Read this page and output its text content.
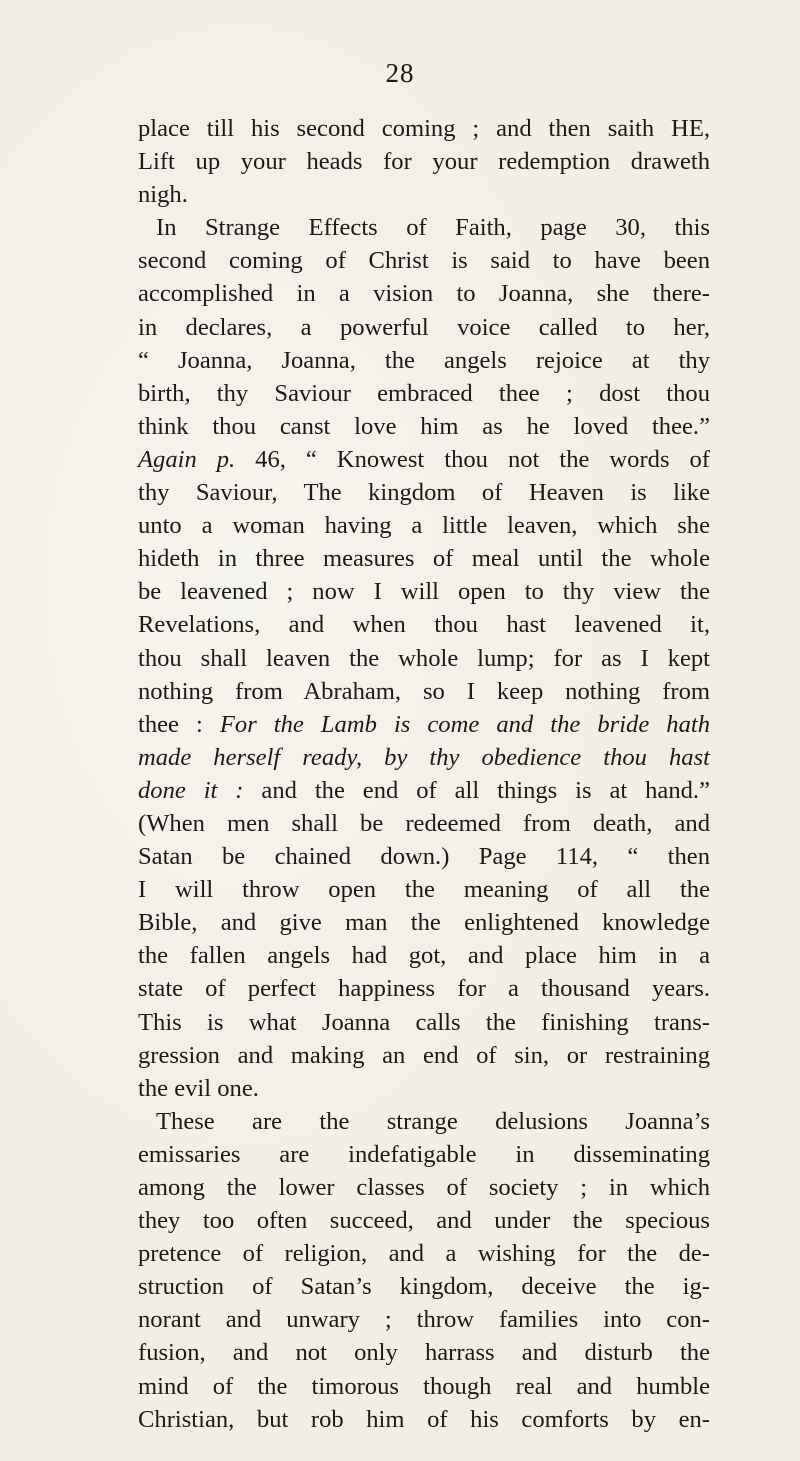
28
place till his second coming ; and then saith HE,
Lift up your heads for your redemption draweth
nigh.
In Strange Effects of Faith, page 30, this
second coming of Christ is said to have been
accomplished in a vision to Joanna, she there-
in declares, a powerful voice called to her,
“ Joanna, Joanna, the angels rejoice at thy
birth, thy Saviour embraced thee ; dost thou
think thou canst love him as he loved thee.”
Again p. 46, “ Knowest thou not the words of
thy Saviour, The kingdom of Heaven is like
unto a woman having a little leaven, which she
hideth in three measures of meal until the whole
be leavened ; now I will open to thy view the
Revelations, and when thou hast leavened it,
thou shall leaven the whole lump; for as I kept
nothing from Abraham, so I keep nothing from
thee : For the Lamb is come and the bride hath
made herself ready, by thy obedience thou hast
done it : and the end of all things is at hand.”
(When men shall be redeemed from death, and
Satan be chained down.) Page 114, “ then
I will throw open the meaning of all the
Bible, and give man the enlightened knowledge
the fallen angels had got, and place him in a
state of perfect happiness for a thousand years.
This is what Joanna calls the finishing trans-
gression and making an end of sin, or restraining
the evil one.
These are the strange delusions Joanna’s
emissaries are indefatigable in disseminating
among the lower classes of society ; in which
they too often succeed, and under the specious
pretence of religion, and a wishing for the de-
struction of Satan’s kingdom, deceive the ig-
norant and unwary ; throw families into con-
fusion, and not only harrass and disturb the
mind of the timorous though real and humble
Christian, but rob him of his comforts by en-
